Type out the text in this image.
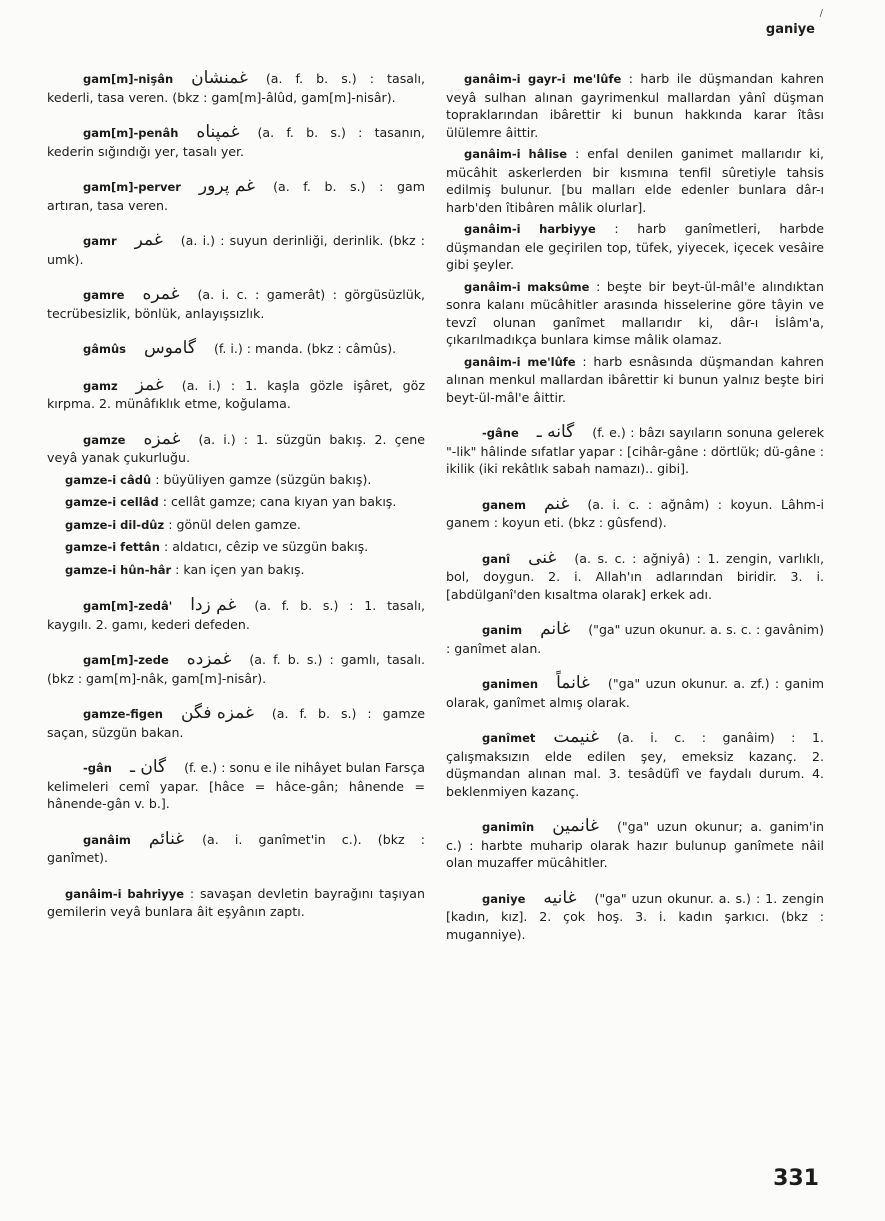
/
ganiye
gam[m]-nişân غمنشان (a. f. b. s.) : tasalı, kederli, tasa veren. (bkz : gam[m]-âlûd, gam[m]-nisâr).
gam[m]-penâh غمپناه (a. f. b. s.) : tasanın, kederin sığındığı yer, tasalı yer.
gam[m]-perver غم پرور (a. f. b. s.) : gam artıran, tasa veren.
gamr غمر (a. i.) : suyun derinliği, derinlik. (bkz : umk).
gamre غمره (a. i. c. : gamerât) : görgüsüzlük, tecrübesizlik, bönlük, anlayışsızlık.
gâmûs گاموس (f. i.) : manda. (bkz : câmûs).
gamz غمز (a. i.) : 1. kaşla gözle işâret, göz kırpma. 2. münâfıklık etme, koğulama.
gamze غمزه (a. i.) : 1. süzgün bakış. 2. çene veyâ yanak çukurluğu.
gamze-i câdû : büyüliyen gamze (süzgün bakış).
gamze-i cellâd : cellât gamze; cana kıyan yan bakış.
gamze-i dil-dûz : gönül delen gamze.
gamze-i fettân : aldatıcı, cêzip ve süzgün bakış.
gamze-i hûn-hâr : kan içen yan bakış.
gam[m]-zedâ' غم زدا (a. f. b. s.) : 1. tasalı, kaygılı. 2. gamı, kederi defeden.
gam[m]-zede غمزده (a. f. b. s.) : gamlı, tasalı. (bkz : gam[m]-nâk, gam[m]-nisâr).
gamze-figen غمزه فگن (a. f. b. s.) : gamze saçan, süzgün bakan.
-gân گان ـ (f. e.) : sonu e ile nihâyet bulan Farsça kelimeleri cemî yapar. [hâce = hâce-gân; hânende = hânende-gân v. b.].
ganâim غنائم (a. i. ganîmet'in c.). (bkz : ganîmet).
ganâim-i bahriyye : savaşan devletin bayrağını taşıyan gemilerin veyâ bunlara âit eşyânın zaptı.
ganâim-i gayr-i me'lûfe : harb ile düşmandan kahren veyâ sulhan alınan gayrimenkul mallardan yânî düşman topraklarından ibârettir ki bunun hakkında karar îtâsı ülülemre âittir.
ganâim-i hâlise : enfal denilen ganimet mallarıdır ki, mücâhit askerlerden bir kısmına tenfil sûretiyle tahsis edilmiş bulunur. [bu malları elde edenler bunlara dâr-ı harb'den îtibâren mâlik olurlar].
ganâim-i harbiyye : harb ganîmetleri, harbde düşmandan ele geçirilen top, tüfek, yiyecek, içecek vesâire gibi şeyler.
ganâim-i maksûme : beşte bir beyt-ül-mâl'e alındıktan sonra kalanı mücâhitler arasında hisselerine göre tâyin ve tevzî olunan ganîmet mallarıdır ki, dâr-ı İslâm'a, çıkarılmadıkça bunlara kimse mâlik olamaz.
ganâim-i me'lûfe : harb esnâsında düşmandan kahren alınan menkul mallardan ibârettir ki bunun yalnız beşte biri beyt-ül-mâl'e âittir.
-gâne گانه ـ (f. e.) : bâzı sayıların sonuna gelerek "-lik" hâlinde sıfatlar yapar : [cihâr-gâne : dörtlük; dü-gâne : ikilik (iki rekâtlık sabah namazı).. gibi].
ganem غنم (a. i. c. : ağnâm) : koyun. Lâhm-i ganem : koyun eti. (bkz : gûsfend).
ganî غنى (a. s. c. : ağniyâ) : 1. zengin, varlıklı, bol, doygun. 2. i. Allah'ın adlarından biridir. 3. i. [abdülganî'den kısaltma olarak] erkek adı.
ganim غانم ("ga" uzun okunur. a. s. c. : gavânim) : ganîmet alan.
ganimen غانماً ("ga" uzun okunur. a. zf.) : ganim olarak, ganîmet almış olarak.
ganîmet غنيمت (a. i. c. : ganâim) : 1. çalışmaksızın elde edilen şey, emeksiz kazanç. 2. düşmandan alınan mal. 3. tesâdüfî ve faydalı durum. 4. beklenmiyen kazanç.
ganimîn غانمين ("ga" uzun okunur; a. ganim'in c.) : harbte muharip olarak hazır bulunup ganîmete nâil olan muzaffer mücâhitler.
ganiye غانيه ("ga" uzun okunur. a. s.) : 1. zengin [kadın, kız]. 2. çok hoş. 3. i. kadın şarkıcı. (bkz : muganniye).
331
